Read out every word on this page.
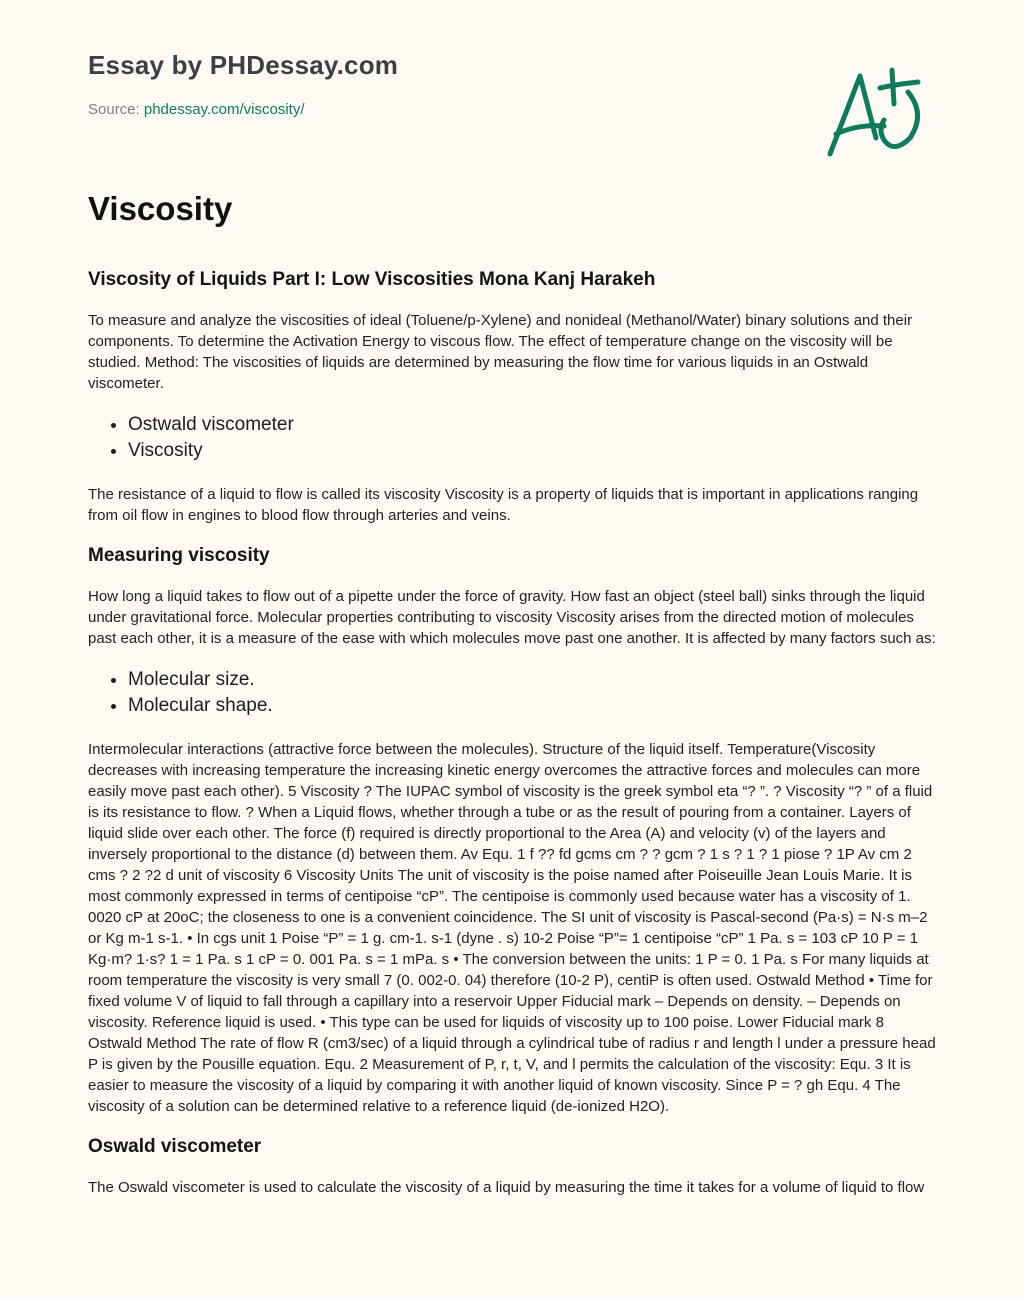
Essay by PHDessay.com
Source: phdessay.com/viscosity/
Viscosity
Viscosity of Liquids Part I: Low Viscosities Mona Kanj Harakeh

To measure and analyze the viscosities of ideal (Toluene/p-Xylene) and nonideal (Methanol/Water) binary solutions and their components. To determine the Activation Energy to viscous flow. The effect of temperature change on the viscosity will be studied. Method: The viscosities of liquids are determined by measuring the flow time for various liquids in an Ostwald viscometer.

• Ostwald viscometer
• Viscosity

The resistance of a liquid to flow is called its viscosity Viscosity is a property of liquids that is important in applications ranging from oil flow in engines to blood flow through arteries and veins.

Measuring viscosity

How long a liquid takes to flow out of a pipette under the force of gravity. How fast an object (steel ball) sinks through the liquid under gravitational force. Molecular properties contributing to viscosity Viscosity arises from the directed motion of molecules past each other, it is a measure of the ease with which molecules move past one another. It is affected by many factors such as:

• Molecular size.
• Molecular shape.

Intermolecular interactions (attractive force between the molecules). Structure of the liquid itself. Temperature(Viscosity decreases with increasing temperature the increasing kinetic energy overcomes the attractive forces and molecules can more easily move past each other). 5 Viscosity ? The IUPAC symbol of viscosity is the greek symbol eta “? ”. ? Viscosity “? ” of a fluid is its resistance to flow. ? When a Liquid flows, whether through a tube or as the result of pouring from a container. Layers of liquid slide over each other. The force (f) required is directly proportional to the Area (A) and velocity (v) of the layers and inversely proportional to the distance (d) between them. Av Equ. 1 f ?? fd gcms cm ? ? gcm ? 1 s ? 1 ? 1 piose ? 1P Av cm 2 cms ? 2 ?2 d unit of viscosity 6 Viscosity Units The unit of viscosity is the poise named after Poiseuille Jean Louis Marie. It is most commonly expressed in terms of centipoise “cP”. The centipoise is commonly used because water has a viscosity of 1. 0020 cP at 20oC; the closeness to one is a convenient coincidence. The SI unit of viscosity is Pascal-second (Pa·s) = N·s m–2 or Kg m-1 s-1. • In cgs unit 1 Poise “P” = 1 g. cm-1. s-1 (dyne . s) 10-2 Poise “P”= 1 centipoise “cP” 1 Pa. s = 103 cP 10 P = 1 Kg·m? 1·s? 1 = 1 Pa. s 1 cP = 0. 001 Pa. s = 1 mPa. s • The conversion between the units: 1 P = 0. 1 Pa. s For many liquids at room temperature the viscosity is very small 7 (0. 002-0. 04) therefore (10-2 P), centiP is often used. Ostwald Method • Time for fixed volume V of liquid to fall through a capillary into a reservoir Upper Fiducial mark – Depends on density. – Depends on viscosity. Reference liquid is used. • This type can be used for liquids of viscosity up to 100 poise. Lower Fiducial mark 8 Ostwald Method The rate of flow R (cm3/sec) of a liquid through a cylindrical tube of radius r and length l under a pressure head P is given by the Pousille equation. Equ. 2 Measurement of P, r, t, V, and l permits the calculation of the viscosity: Equ. 3 It is easier to measure the viscosity of a liquid by comparing it with another liquid of known viscosity. Since P = ? gh Equ. 4 The viscosity of a solution can be determined relative to a reference liquid (de-ionized H2O).

Oswald viscometer
The Oswald viscometer is used to calculate the viscosity of a liquid by measuring the time it takes for a volume of liquid to flow
